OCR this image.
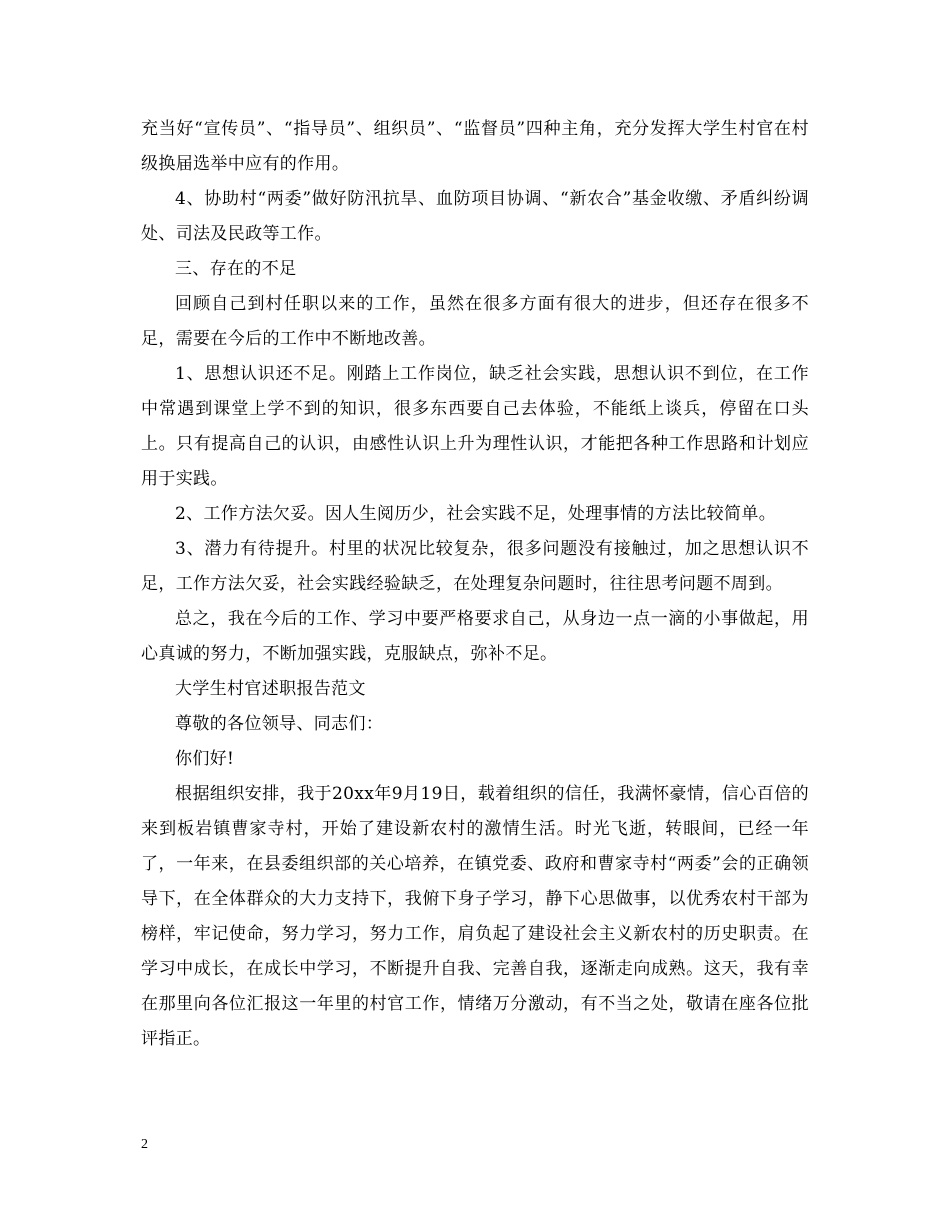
充当好“宣传员”、“指导员”、组织员”、“监督员”四种主角，充分发挥大学生村官在村级换届选举中应有的作用。

4、协助村“两委”做好防汛抗旱、血防项目协调、“新农合”基金收缴、矛盾纠纷调处、司法及民政等工作。

三、存在的不足

回顾自己到村任职以来的工作，虽然在很多方面有很大的进步，但还存在很多不足，需要在今后的工作中不断地改善。

1、思想认识还不足。刚踏上工作岗位，缺乏社会实践，思想认识不到位，在工作中常遇到课堂上学不到的知识，很多东西要自己去体验，不能纸上谈兵，停留在口头上。只有提高自己的认识，由感性认识上升为理性认识，才能把各种工作思路和计划应用于实践。

2、工作方法欠妥。因人生阅历少，社会实践不足，处理事情的方法比较简单。

3、潜力有待提升。村里的状况比较复杂，很多问题没有接触过，加之思想认识不足，工作方法欠妥，社会实践经验缺乏，在处理复杂问题时，往往思考问题不周到。

总之，我在今后的工作、学习中要严格要求自己，从身边一点一滴的小事做起，用心真诚的努力，不断加强实践，克服缺点，弥补不足。

大学生村官述职报告范文

尊敬的各位领导、同志们：

你们好!

根据组织安排，我于20xx年9月19日，载着组织的信任，我满怀豪情，信心百倍的来到板岩镇曹家寺村，开始了建设新农村的激情生活。时光飞逝，转眼间，已经一年了，一年来，在县委组织部的关心培养，在镇党委、政府和曹家寺村“两委”会的正确领导下，在全体群众的大力支持下，我俯下身子学习，静下心思做事，以优秀农村干部为榜样，牢记使命，努力学习，努力工作，肩负起了建设社会主义新农村的历史职责。在学习中成长，在成长中学习，不断提升自我、完善自我，逐渐走向成熟。这天，我有幸在那里向各位汇报这一年里的村官工作，情绪万分激动，有不当之处，敬请在座各位批评指正。

2
